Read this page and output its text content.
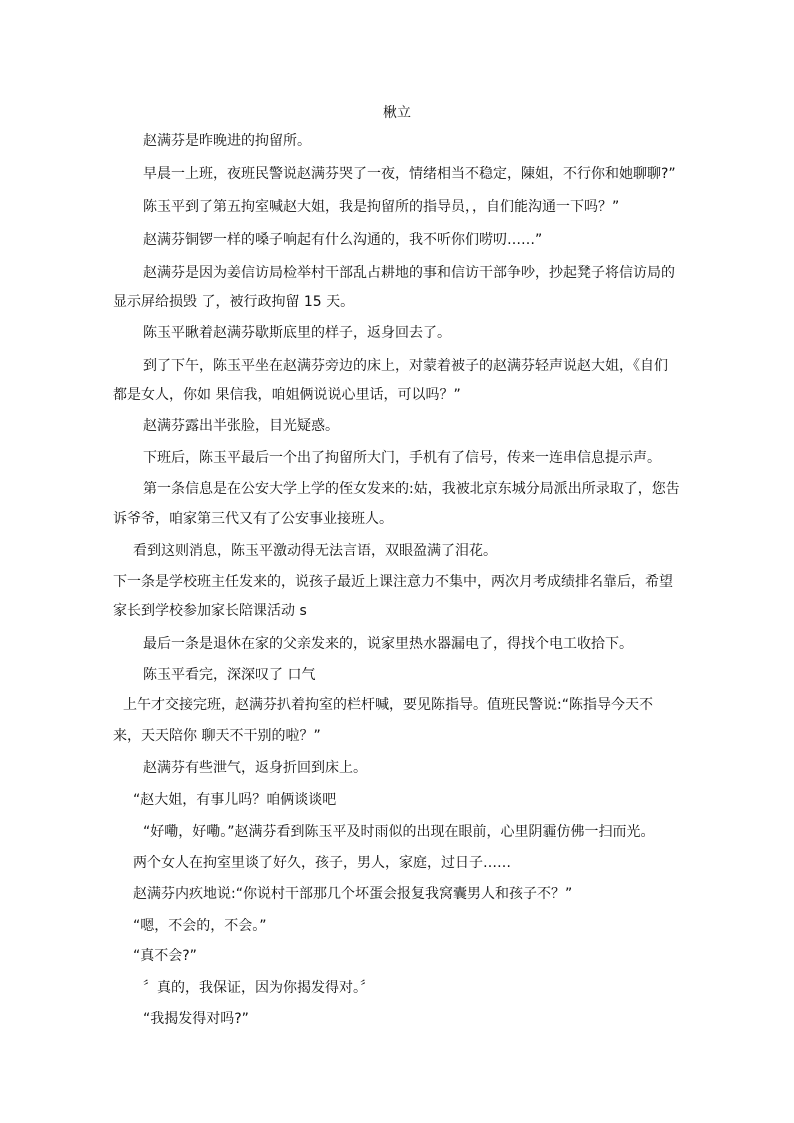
楸立
赵满芬是昨晚进的拘留所。
早晨一上班，夜班民警说赵满芬哭了一夜，情绪相当不稳定，陳姐，不行你和她聊聊?”
陈玉平到了第五拘室喊赵大姐，我是拘留所的指导员，，自们能沟通一下吗？”
赵满芬铜锣一样的嗓子响起有什么沟通的，我不听你们唠叨……”
赵满芬是因为姜信访局检举村干部乱占耕地的事和信访干部争吵，抄起凳子将信访局的
显示屏给损毁 了，被行政拘留 15 天。
陈玉平瞅着赵满芬歇斯底里的样子，返身回去了。
到了下午，陈玉平坐在赵满芬旁边的床上，对蒙着被子的赵满芬轻声说赵大姐，《自们
都是女人，你如 果信我，咱姐俩说说心里话，可以吗？”
赵满芬露出半张脸，目光疑惑。
下班后，陈玉平最后一个出了拘留所大门，手机有了信号，传来一连串信息提示声。
第一条信息是在公安大学上学的侄女发来的:姑，我被北京东城分局派出所录取了，您吿
诉爷爷，咱家第三代又有了公安事业接班人。
看到这则消息，陈玉平激动得无法言语，双眼盈满了泪花。
下一条是学校班主任发来的，说孩子最近上课注意力不集中，两次月考成绩排名靠后，希望
家长到学校参加家长陪课活动 s
最后一条是退休在家的父亲发来的，说家里热水器漏电了，得找个电工收拾下。
陈玉平看完，深深叹了 口气
上午才交接完班，赵满芬扒着拘室的栏杆喊，要见陈指导。值班民警说:“陈指导今天不
来，天天陪你 聊天不干别的啦？”
赵满芬有些泄气，返身折回到床上。
“赵大姐，有事儿吗？咱俩谈谈吧
“好嘞，好嘞。”赵满芬看到陈玉平及时雨似的出现在眼前，心里阴霾仿佛一扫而光。
两个女人在拘室里谈了好久，孩子，男人，家庭，过日子……
赵满芬内疚地说:“你说村干部那几个坏蛋会报复我窝囊男人和孩子不？”
“嗯，不会的，不会。”
“真不会?”
〞真的，我保证，因为你揭发得对。〞
“我揭发得对吗?”
